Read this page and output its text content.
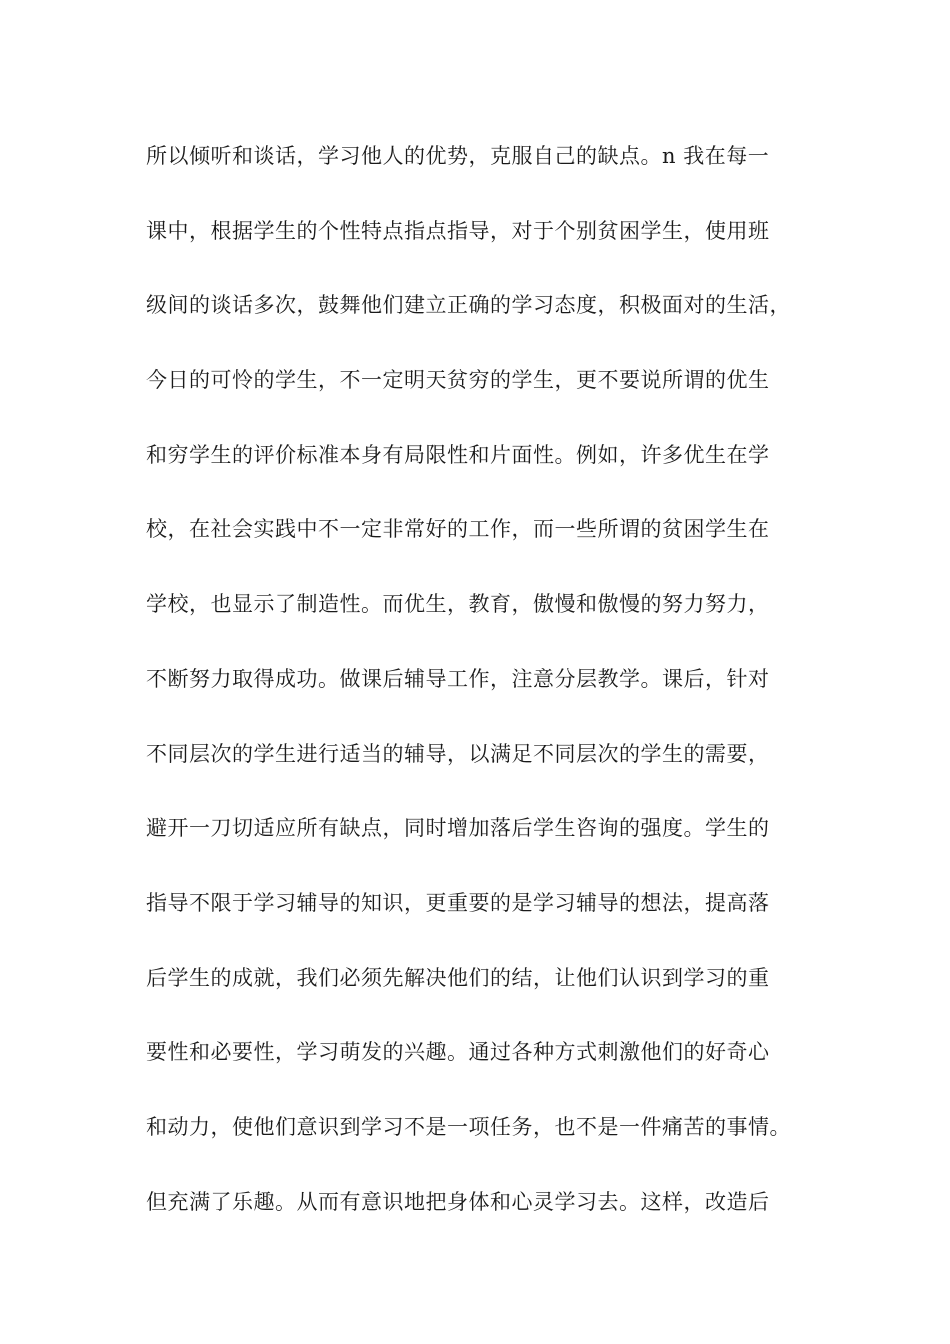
所以倾听和谈话，学习他人的优势，克服自己的缺点。n 我在每一
课中，根据学生的个性特点指点指导，对于个别贫困学生，使用班
级间的谈话多次，鼓舞他们建立正确的学习态度，积极面对的生活，
今日的可怜的学生，不一定明天贫穷的学生，更不要说所谓的优生
和穷学生的评价标准本身有局限性和片面性。例如，许多优生在学
校，在社会实践中不一定非常好的工作，而一些所谓的贫困学生在
学校，也显示了制造性。而优生，教育，傲慢和傲慢的努力努力，
不断努力取得成功。做课后辅导工作，注意分层教学。课后，针对
不同层次的学生进行适当的辅导，以满足不同层次的学生的需要，
避开一刀切适应所有缺点，同时增加落后学生咨询的强度。学生的
指导不限于学习辅导的知识，更重要的是学习辅导的想法，提高落
后学生的成就，我们必须先解决他们的结，让他们认识到学习的重
要性和必要性，学习萌发的兴趣。通过各种方式刺激他们的好奇心
和动力，使他们意识到学习不是一项任务，也不是一件痛苦的事情。
但充满了乐趣。从而有意识地把身体和心灵学习去。这样，改造后
